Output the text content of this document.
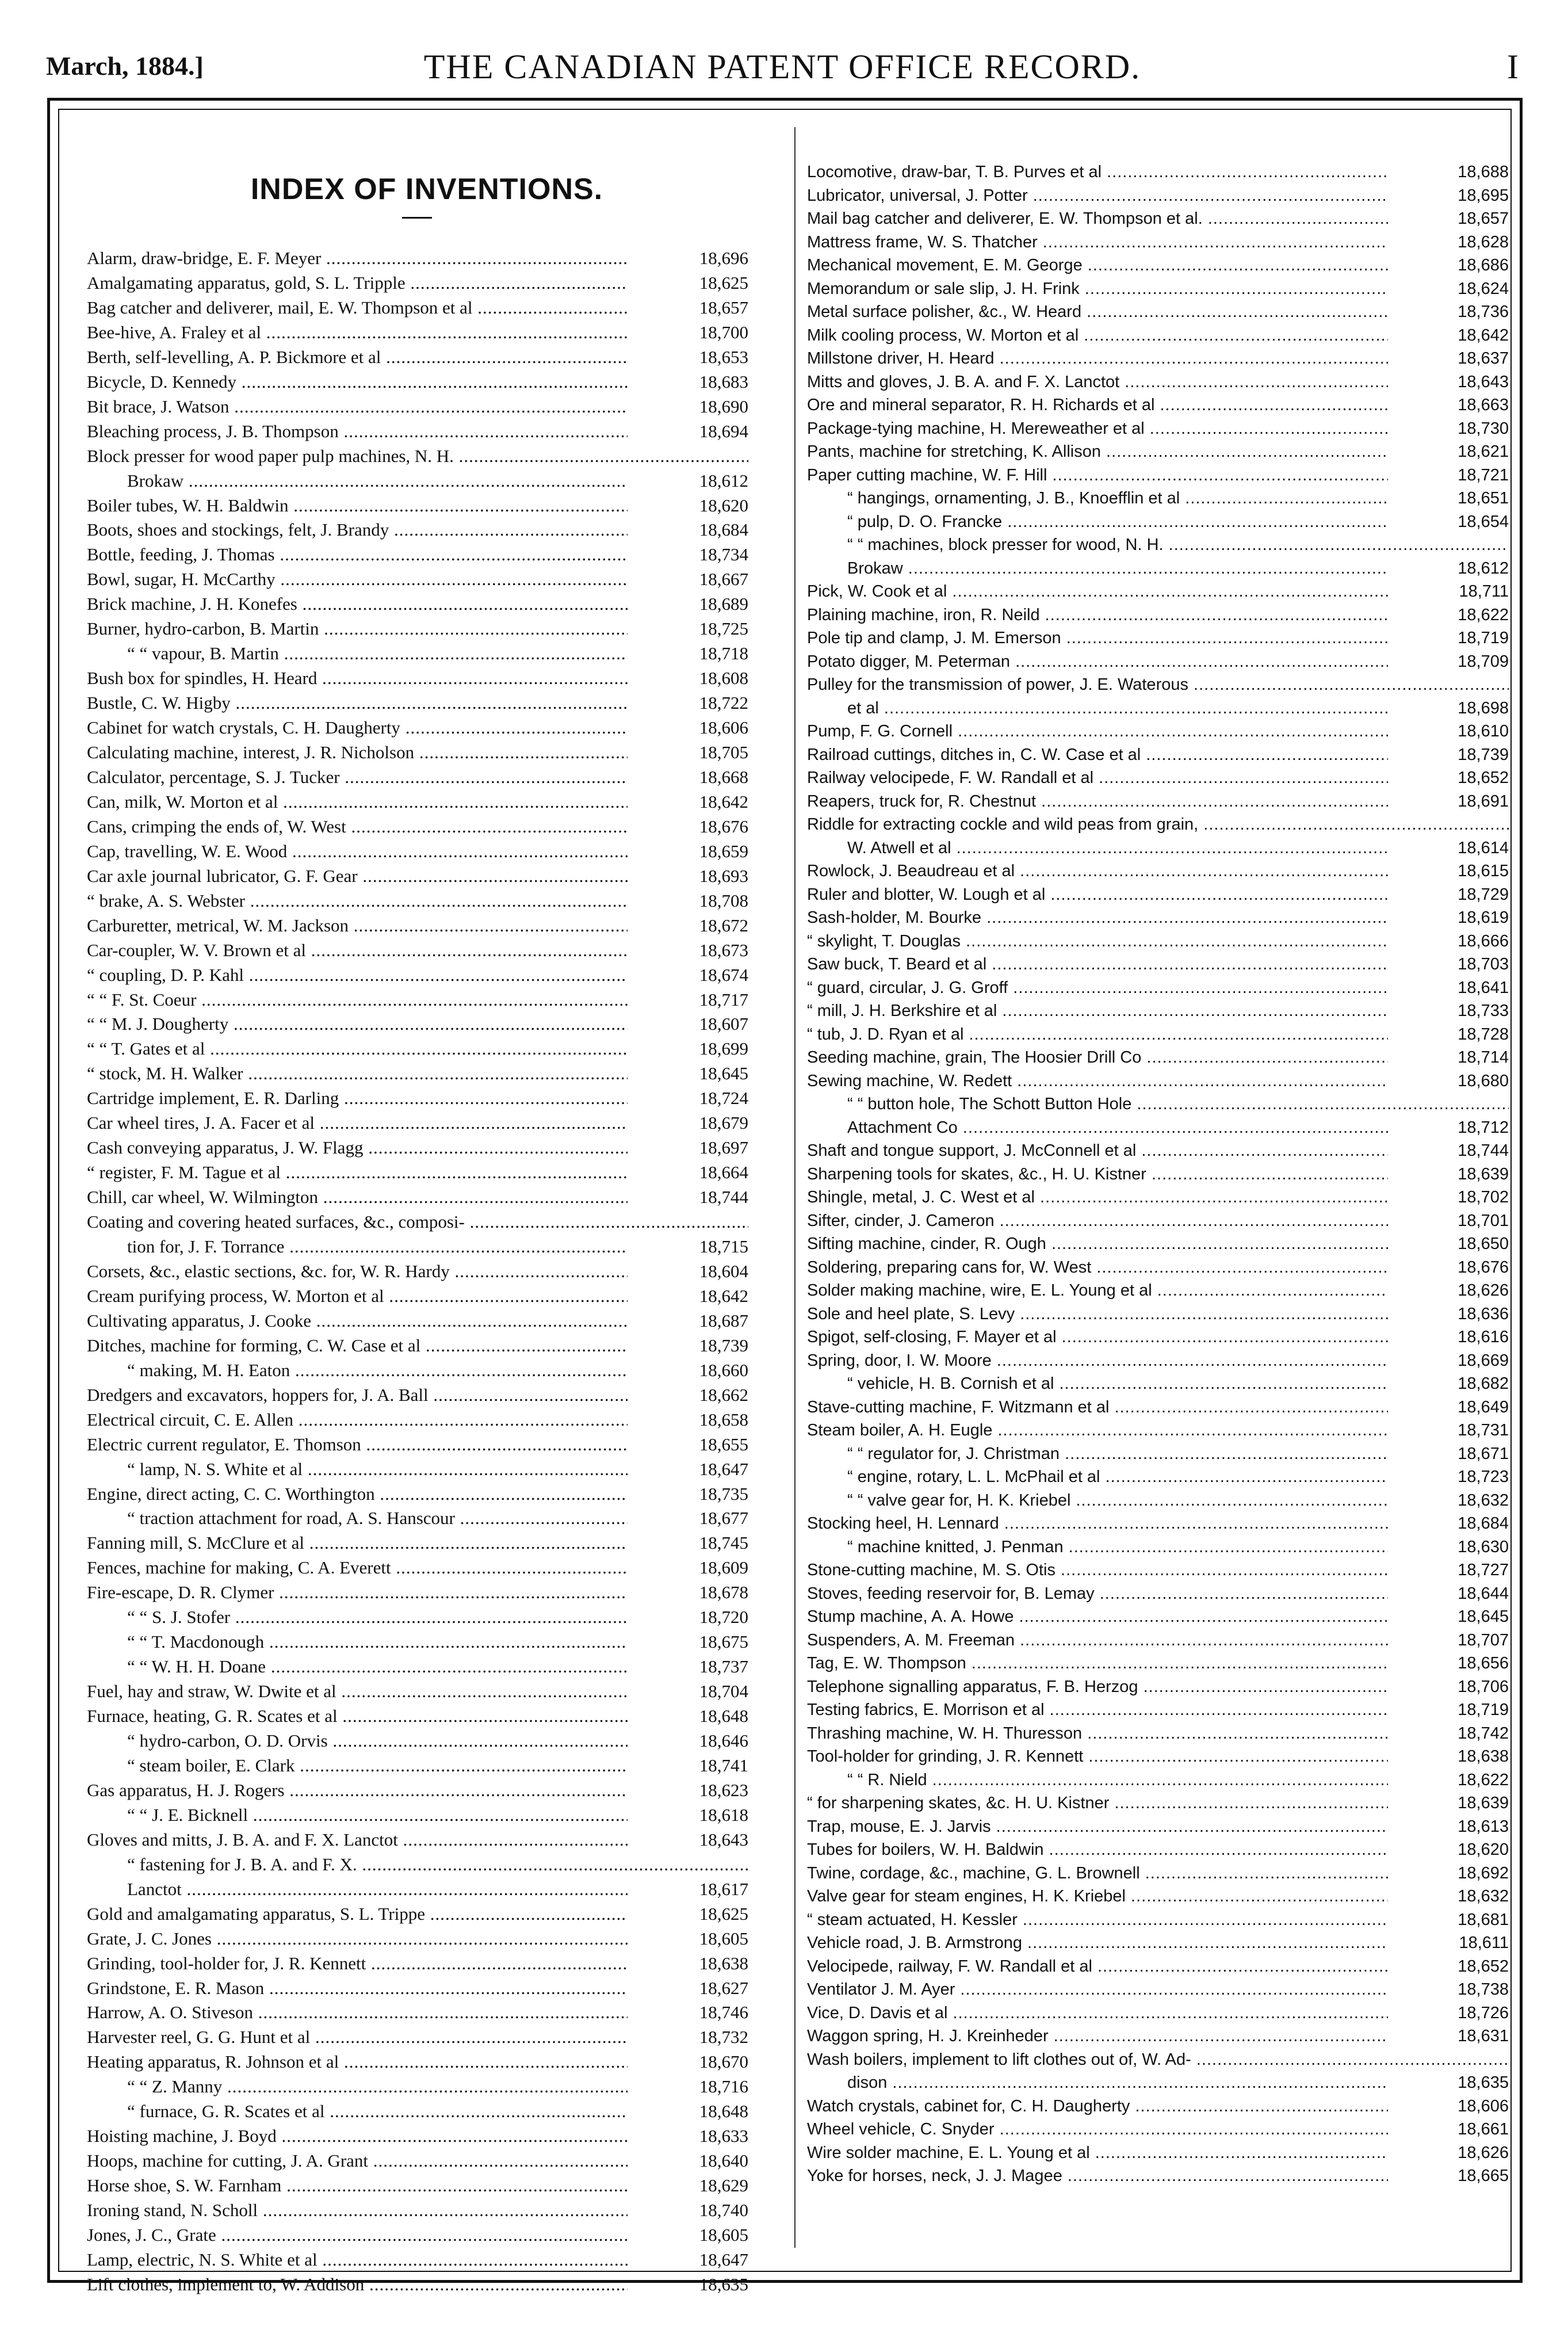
March, 1884.]	THE CANADIAN PATENT OFFICE RECORD.	I
INDEX OF INVENTIONS.
Alarm, draw-bridge, E. F. Meyer .....	18,696
Amalgamating apparatus, gold, S. L. Tripple .....	18,625
Bag catcher and deliverer, mail, E. W. Thompson et al .....	18,657
Bee-hive, A. Fraley et al .....	18,700
Berth, self-levelling, A. P. Bickmore et al .....	18,653
Bicycle, D. Kennedy .....	18,683
Bit brace, J. Watson .....	18,690
Bleaching process, J. B. Thompson .....	18,694
Block presser for wood paper pulp machines, N. H. .....
Brokaw .....	18,612
Boiler tubes, W. H. Baldwin .....	18,620
Boots, shoes and stockings, felt, J. Brandy .....	18,684
Bottle, feeding, J. Thomas .....	18,734
Bowl, sugar, H. McCarthy .....	18,667
Brick machine, J. H. Konefes .....	18,689
Burner, hydro-carbon, B. Martin .....	18,725
“ “ vapour, B. Martin .....	18,718
Bush box for spindles, H. Heard .....	18,608
Bustle, C. W. Higby .....	18,722
Cabinet for watch crystals, C. H. Daugherty .....	18,606
Calculating machine, interest, J. R. Nicholson .....	18,705
Calculator, percentage, S. J. Tucker .....	18,668
Can, milk, W. Morton et al .....	18,642
Cans, crimping the ends of, W. West .....	18,676
Cap, travelling, W. E. Wood .....	18,659
Car axle journal lubricator, G. F. Gear .....	18,693
“ brake, A. S. Webster .....	18,708
Carburetter, metrical, W. M. Jackson .....	18,672
Car-coupler, W. V. Brown et al .....	18,673
“ coupling, D. P. Kahl .....	18,674
“ “ F. St. Coeur .....	18,717
“ “ M. J. Dougherty .....	18,607
“ “ T. Gates et al .....	18,699
“ stock, M. H. Walker .....	18,645
Cartridge implement, E. R. Darling .....	18,724
Car wheel tires, J. A. Facer et al .....	18,679
Cash conveying apparatus, J. W. Flagg .....	18,697
“ register, F. M. Tague et al .....	18,664
Chill, car wheel, W. Wilmington .....	18,744
Coating and covering heated surfaces, &c., composi- .....
tion for, J. F. Torrance .....	18,715
Corsets, &c., elastic sections, &c. for, W. R. Hardy .....	18,604
Cream purifying process, W. Morton et al .....	18,642
Cultivating apparatus, J. Cooke .....	18,687
Ditches, machine for forming, C. W. Case et al .....	18,739
“ making, M. H. Eaton .....	18,660
Dredgers and excavators, hoppers for, J. A. Ball .....	18,662
Electrical circuit, C. E. Allen .....	18,658
Electric current regulator, E. Thomson .....	18,655
“ lamp, N. S. White et al .....	18,647
Engine, direct acting, C. C. Worthington .....	18,735
“ traction attachment for road, A. S. Hanscour .....	18,677
Fanning mill, S. McClure et al .....	18,745
Fences, machine for making, C. A. Everett .....	18,609
Fire-escape, D. R. Clymer .....	18,678
“ “ S. J. Stofer .....	18,720
“ “ T. Macdonough .....	18,675
“ “ W. H. H. Doane .....	18,737
Fuel, hay and straw, W. Dwite et al .....	18,704
Furnace, heating, G. R. Scates et al .....	18,648
“ hydro-carbon, O. D. Orvis .....	18,646
“ steam boiler, E. Clark .....	18,741
Gas apparatus, H. J. Rogers .....	18,623
“ “ J. E. Bicknell .....	18,618
Gloves and mitts, J. B. A. and F. X. Lanctot .....	18,643
“ fastening for J. B. A. and F. X. .....
Lanctot .....	18,617
Gold and amalgamating apparatus, S. L. Trippe .....	18,625
Grate, J. C. Jones .....	18,605
Grinding, tool-holder for, J. R. Kennett .....	18,638
Grindstone, E. R. Mason .....	18,627
Harrow, A. O. Stiveson .....	18,746
Harvester reel, G. G. Hunt et al .....	18,732
Heating apparatus, R. Johnson et al .....	18,670
“ “ Z. Manny .....	18,716
“ furnace, G. R. Scates et al .....	18,648
Hoisting machine, J. Boyd .....	18,633
Hoops, machine for cutting, J. A. Grant .....	18,640
Horse shoe, S. W. Farnham .....	18,629
Ironing stand, N. Scholl .....	18,740
Jones, J. C., Grate .....	18,605
Lamp, electric, N. S. White et al .....	18,647
Lift clothes, implement to, W. Addison .....	18,635
Locomotive, draw-bar, T. B. Purves et al .....	18,688
Lubricator, universal, J. Potter .....	18,695
Mail bag catcher and deliverer, E. W. Thompson et al. .....	18,657
Mattress frame, W. S. Thatcher .....	18,628
Mechanical movement, E. M. George .....	18,686
Memorandum or sale slip, J. H. Frink .....	18,624
Metal surface polisher, &c., W. Heard .....	18,736
Milk cooling process, W. Morton et al .....	18,642
Millstone driver, H. Heard .....	18,637
Mitts and gloves, J. B. A. and F. X. Lanctot .....	18,643
Ore and mineral separator, R. H. Richards et al .....	18,663
Package-tying machine, H. Mereweather et al .....	18,730
Pants, machine for stretching, K. Allison .....	18,621
Paper cutting machine, W. F. Hill .....	18,721
“ hangings, ornamenting, J. B., Knoefflin et al .....	18,651
“ pulp, D. O. Francke .....	18,654
“ “ machines, block presser for wood, N. H. .....
Brokaw .....	18,612
Pick, W. Cook et al .....	18,711
Plaining machine, iron, R. Neild .....	18,622
Pole tip and clamp, J. M. Emerson .....	18,719
Potato digger, M. Peterman .....	18,709
Pulley for the transmission of power, J. E. Waterous .....
et al .....	18,698
Pump, F. G. Cornell .....	18,610
Railroad cuttings, ditches in, C. W. Case et al .....	18,739
Railway velocipede, F. W. Randall et al .....	18,652
Reapers, truck for, R. Chestnut .....	18,691
Riddle for extracting cockle and wild peas from grain, .....
W. Atwell et al .....	18,614
Rowlock, J. Beaudreau et al .....	18,615
Ruler and blotter, W. Lough et al .....	18,729
Sash-holder, M. Bourke .....	18,619
“ skylight, T. Douglas .....	18,666
Saw buck, T. Beard et al .....	18,703
“ guard, circular, J. G. Groff .....	18,641
“ mill, J. H. Berkshire et al .....	18,733
“ tub, J. D. Ryan et al .....	18,728
Seeding machine, grain, The Hoosier Drill Co .....	18,714
Sewing machine, W. Redett .....	18,680
“ “ button hole, The Schott Button Hole .....
Attachment Co .....	18,712
Shaft and tongue support, J. McConnell et al .....	18,744
Sharpening tools for skates, &c., H. U. Kistner .....	18,639
Shingle, metal, J. C. West et al .....	18,702
Sifter, cinder, J. Cameron .....	18,701
Sifting machine, cinder, R. Ough .....	18,650
Soldering, preparing cans for, W. West .....	18,676
Solder making machine, wire, E. L. Young et al .....	18,626
Sole and heel plate, S. Levy .....	18,636
Spigot, self-closing, F. Mayer et al .....	18,616
Spring, door, I. W. Moore .....	18,669
“ vehicle, H. B. Cornish et al .....	18,682
Stave-cutting machine, F. Witzmann et al .....	18,649
Steam boiler, A. H. Eugle .....	18,731
“ “ regulator for, J. Christman .....	18,671
“ engine, rotary, L. L. McPhail et al .....	18,723
“ “ valve gear for, H. K. Kriebel .....	18,632
Stocking heel, H. Lennard .....	18,684
“ machine knitted, J. Penman .....	18,630
Stone-cutting machine, M. S. Otis .....	18,727
Stoves, feeding reservoir for, B. Lemay .....	18,644
Stump machine, A. A. Howe .....	18,645
Suspenders, A. M. Freeman .....	18,707
Tag, E. W. Thompson .....	18,656
Telephone signalling apparatus, F. B. Herzog .....	18,706
Testing fabrics, E. Morrison et al .....	18,719
Thrashing machine, W. H. Thuresson .....	18,742
Tool-holder for grinding, J. R. Kennett .....	18,638
“ “ R. Nield .....	18,622
“ for sharpening skates, &c. H. U. Kistner .....	18,639
Trap, mouse, E. J. Jarvis .....	18,613
Tubes for boilers, W. H. Baldwin .....	18,620
Twine, cordage, &c., machine, G. L. Brownell .....	18,692
Valve gear for steam engines, H. K. Kriebel .....	18,632
“ steam actuated, H. Kessler .....	18,681
Vehicle road, J. B. Armstrong .....	18,611
Velocipede, railway, F. W. Randall et al .....	18,652
Ventilator J. M. Ayer .....	18,738
Vice, D. Davis et al .....	18,726
Waggon spring, H. J. Kreinheder .....	18,631
Wash boilers, implement to lift clothes out of, W. Ad- .....
dison .....	18,635
Watch crystals, cabinet for, C. H. Daugherty .....	18,606
Wheel vehicle, C. Snyder .....	18,661
Wire solder machine, E. L. Young et al .....	18,626
Yoke for horses, neck, J. J. Magee .....	18,665
